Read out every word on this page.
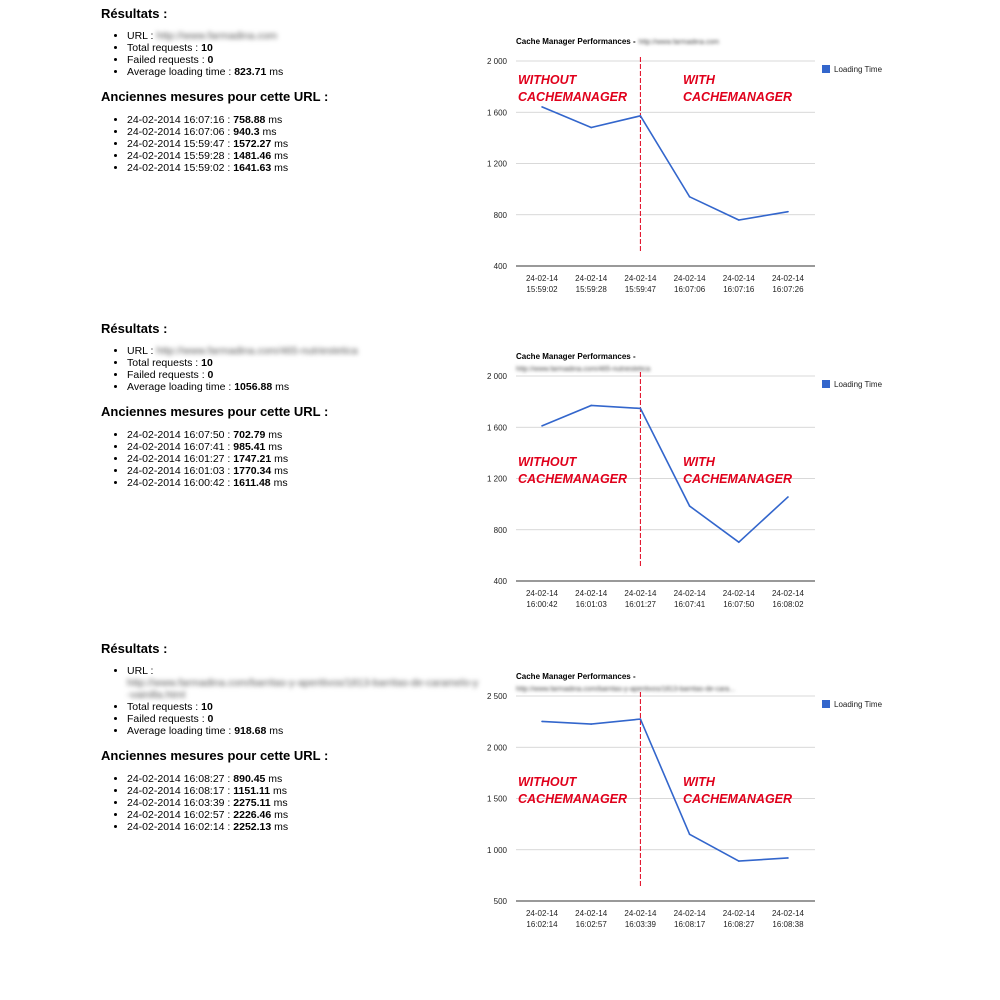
Résultats :

• URL : http://www.farmadina.com
• Total requests : 10
• Failed requests : 0
• Average loading time : 823.71 ms

Anciennes mesures pour cette URL :

• 24-02-2014 16:07:16 : 758.88 ms
• 24-02-2014 16:07:06 : 940.3 ms
• 24-02-2014 15:59:47 : 1572.27 ms
• 24-02-2014 15:59:28 : 1481.46 ms
• 24-02-2014 15:59:02 : 1641.63 ms
Cache Manager Performances - http://www.farmadina.com
2 000
1 600
1 200
800
400
24-02-14
15:59:02
24-02-14
15:59:28
24-02-14
15:59:47
24-02-14
16:07:06
24-02-14
16:07:16
24-02-14
16:07:26
WITHOUT
CACHEMANAGER
WITH
CACHEMANAGER
Loading Time

Résultats :

• URL : http://www.farmadina.com/465-nutriestetica
• Total requests : 10
• Failed requests : 0
• Average loading time : 1056.88 ms

Anciennes mesures pour cette URL :

• 24-02-2014 16:07:50 : 702.79 ms
• 24-02-2014 16:07:41 : 985.41 ms
• 24-02-2014 16:01:27 : 1747.21 ms
• 24-02-2014 16:01:03 : 1770.34 ms
• 24-02-2014 16:00:42 : 1611.48 ms
Cache Manager Performances -
http://www.farmadina.com/465-nutriestetica
2 000
1 600
1 200
800
400
24-02-14
16:00:42
24-02-14
16:01:03
24-02-14
16:01:27
24-02-14
16:07:41
24-02-14
16:07:50
24-02-14
16:08:02
WITHOUT
CACHEMANAGER
WITH
CACHEMANAGER
Loading Time

Résultats :

• URL : http://www.farmadina.com/barritas-y-aperitivos/1813-barritas-de-caramelo-y-vainilla.html
• Total requests : 10
• Failed requests : 0
• Average loading time : 918.68 ms

Anciennes mesures pour cette URL :

• 24-02-2014 16:08:27 : 890.45 ms
• 24-02-2014 16:08:17 : 1151.11 ms
• 24-02-2014 16:03:39 : 2275.11 ms
• 24-02-2014 16:02:57 : 2226.46 ms
• 24-02-2014 16:02:14 : 2252.13 ms
Cache Manager Performances -
http://www.farmadina.com/barritas-y-aperitivos/1813-barritas-de-cara...
2 500
2 000
1 500
1 000
500
24-02-14
16:02:14
24-02-14
16:02:57
24-02-14
16:03:39
24-02-14
16:08:17
24-02-14
16:08:27
24-02-14
16:08:38
WITHOUT
CACHEMANAGER
WITH
CACHEMANAGER
Loading Time
